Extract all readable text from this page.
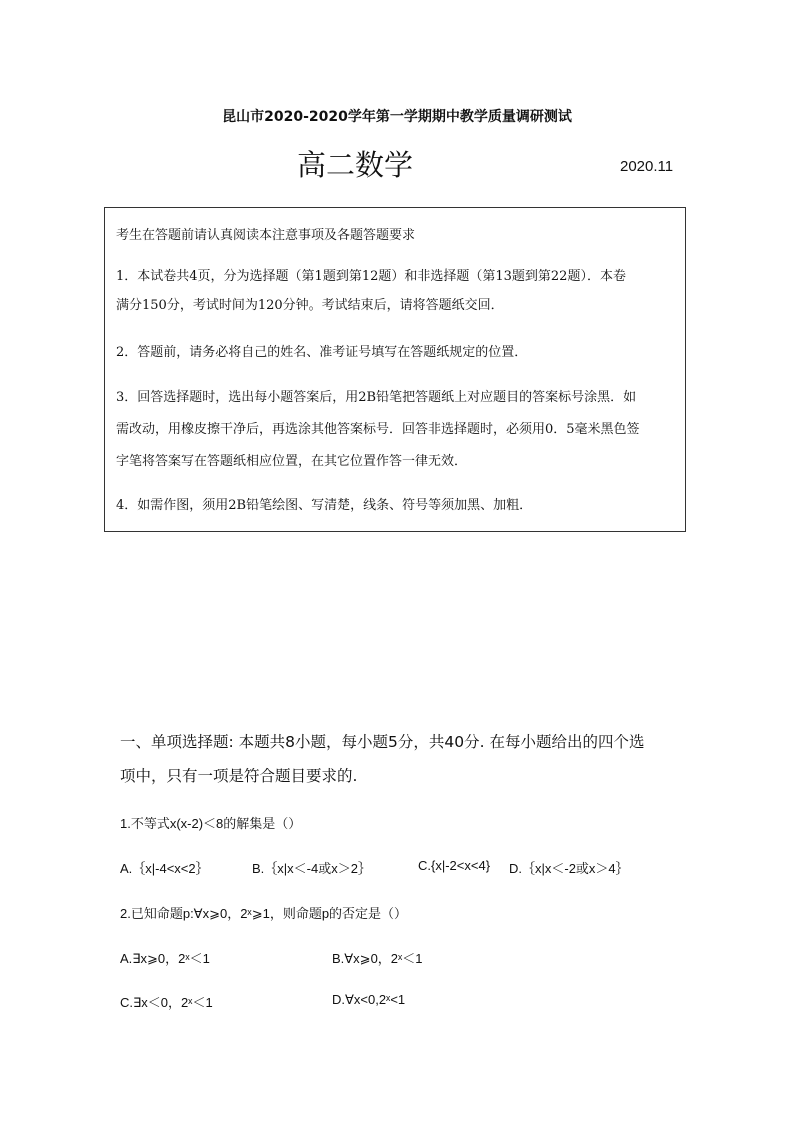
昆山市2020-2020学年第一学期期中教学质量调研测试
高二数学	2020.11
考生在答题前请认真阅读本注意事项及各题答题要求
1．本试卷共4页，分为选择题（第1题到第12题）和非选择题（第13题到第22题）．本卷
满分150分，考试时间为120分钟。考试结束后，请将答题纸交回．
2．答题前，请务必将自己的姓名、准考证号填写在答题纸规定的位置．
3．回答选择题时，选出每小题答案后，用2B铅笔把答题纸上对应题目的答案标号涂黑．如
需改动，用橡皮擦干净后，再选涂其他答案标号．回答非选择题时，必须用0．5毫米黑色签
字笔将答案写在答题纸相应位置，在其它位置作答一律无效．
4．如需作图，须用2B铅笔绘图、写清楚，线条、符号等须加黑、加粗．
一、单项选择题: 本题共8小题，每小题5分，共40分. 在每小题给出的四个选
项中，只有一项是符合题目要求的.
1.不等式x(x-2)＜8的解集是（）
A.｛x|-4<x<2｝	B.｛x|x＜-4或x＞2｝	C.{x|-2<x<4} D.｛x|x＜-2或x＞4｝
2.已知命题p:∀x⩾0，2ˣ⩾1，则命题p的否定是（）
A.∃x⩾0，2ˣ＜1	B.∀x⩾0，2ˣ＜1
C.∃x＜0，2ˣ＜1	D.∀x<0,2ˣ<1
